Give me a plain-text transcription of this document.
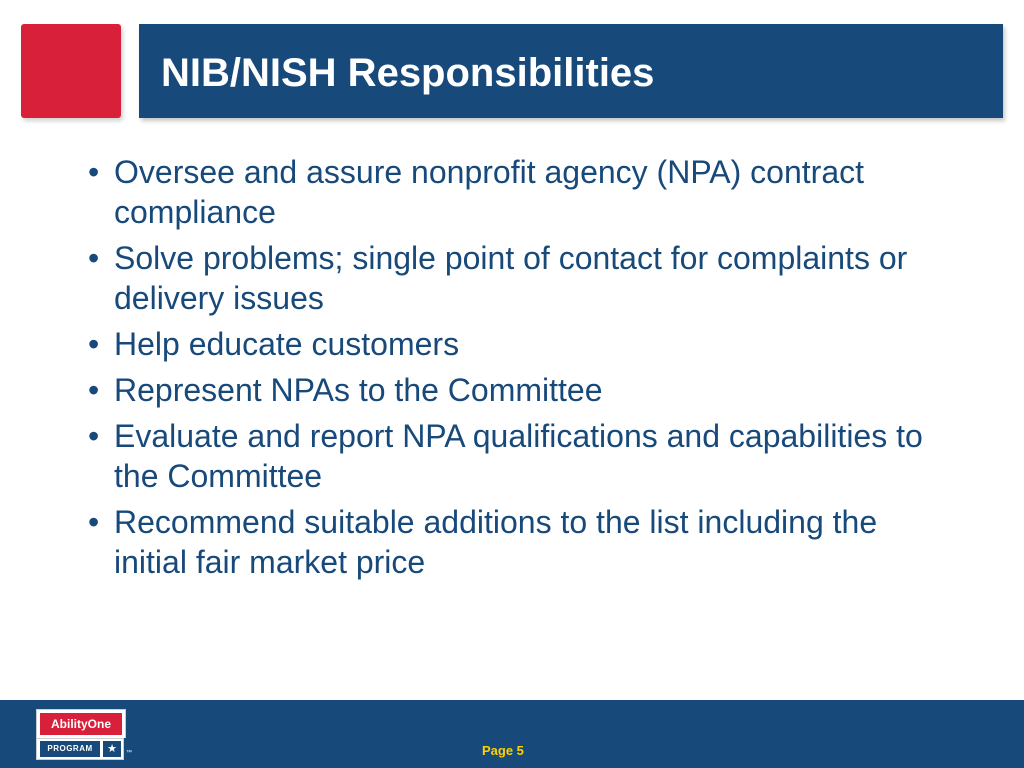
NIB/NISH Responsibilities
• Oversee and assure nonprofit agency (NPA) contract compliance
• Solve problems; single point of contact for complaints or delivery issues
• Help educate customers
• Represent NPAs to the Committee
• Evaluate and report NPA qualifications and capabilities to the Committee
• Recommend suitable additions to the list including the initial fair market price
AbilityOne
PROGRAM	★	™	Page 5
